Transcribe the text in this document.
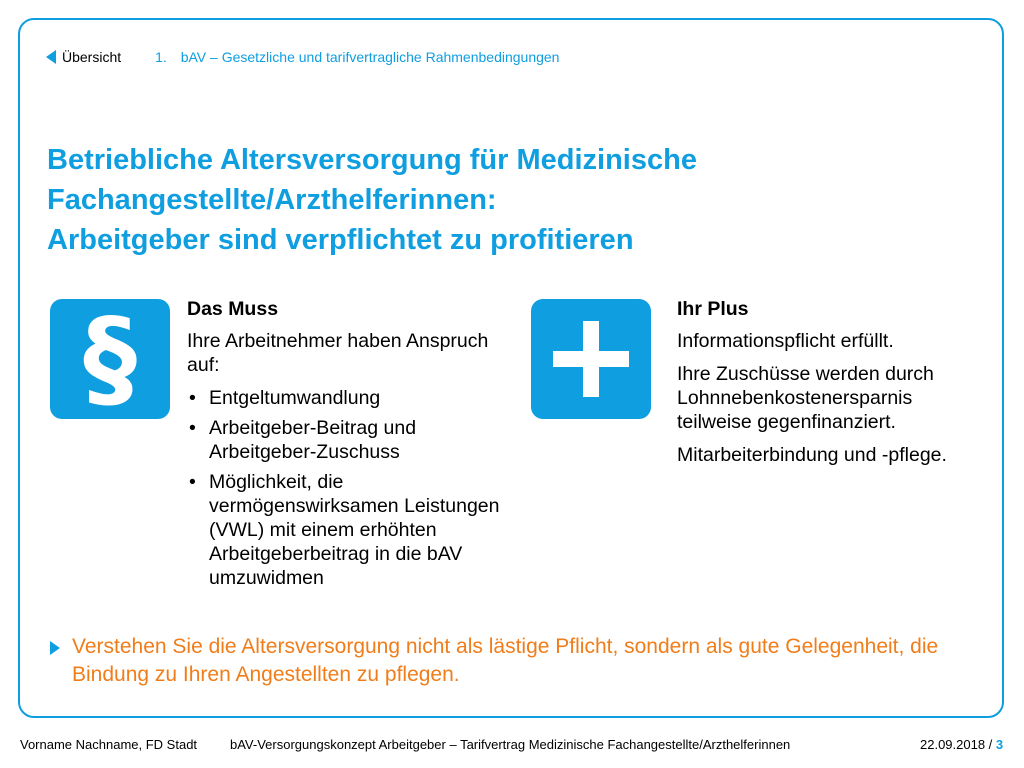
Übersicht 1. bAV – Gesetzliche und tarifvertragliche Rahmenbedingungen
Betriebliche Altersversorgung für Medizinische
Fachangestellte/Arzthelferinnen:
Arbeitgeber sind verpflichtet zu profitieren
§	Das Muss

Ihre Arbeitnehmer haben Anspruch auf:

• Entgeltumwandlung
• Arbeitgeber-Beitrag und Arbeitgeber-Zuschuss
• Möglichkeit, die vermögenswirksamen Leistungen (VWL) mit einem erhöhten Arbeitgeberbeitrag in die bAV umzuwidmen
Ihr Plus

Informationspflicht erfüllt.

Ihre Zuschüsse werden durch Lohnnebenkostenersparnis teilweise gegenfinanziert.

Mitarbeiterbindung und -pflege.

Verstehen Sie die Altersversorgung nicht als lästige Pflicht, sondern als gute Gelegenheit, die Bindung zu Ihren Angestellten zu pflegen.
Vorname Nachname, FD Stadt	bAV-Versorgungskonzept Arbeitgeber – Tarifvertrag Medizinische Fachangestellte/Arzthelferinnen	22.09.2018 / 3
